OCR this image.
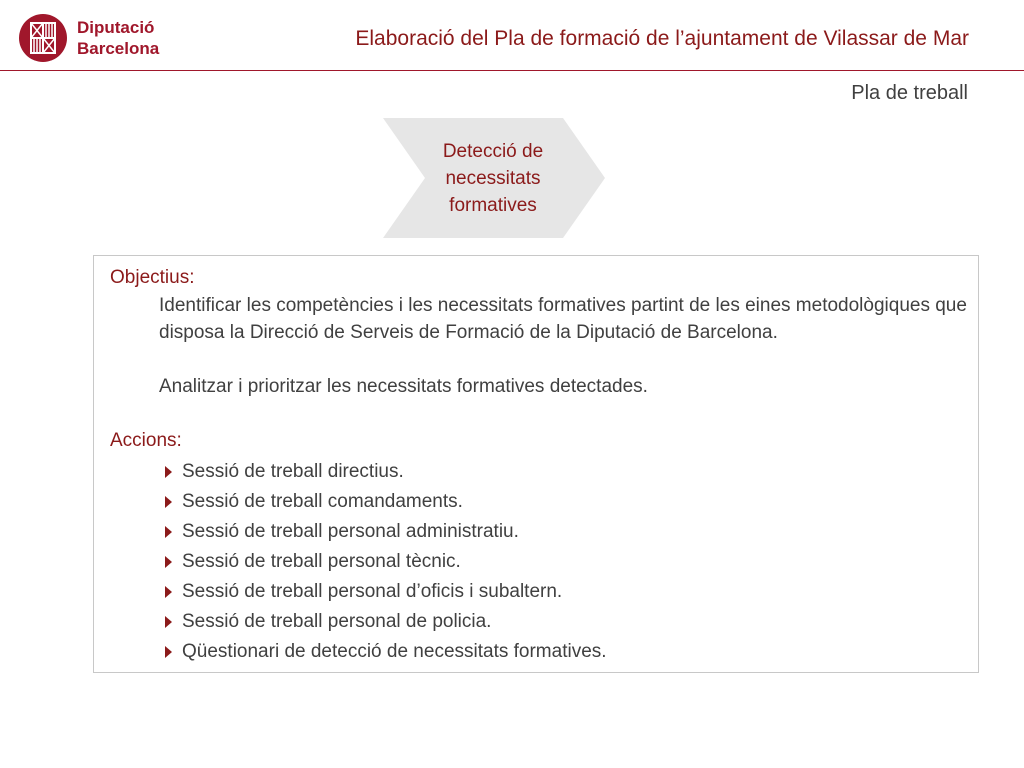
Diputació
Barcelona	Elaboració del Pla de formació de l’ajuntament de Vilassar de Mar
Pla de treball
Detecció de
necessitats
formatives
Objectius:
Identificar les competències i les necessitats formatives partint de les eines metodològiques que disposa la Direcció de Serveis de Formació de la Diputació de Barcelona.
Analitzar i prioritzar les necessitats formatives detectades.
Accions:
Sessió de treball directius.
Sessió de treball comandaments.
Sessió de treball personal administratiu.
Sessió de treball personal tècnic.
Sessió de treball personal d’oficis i subaltern.
Sessió de treball personal de policia.
Qüestionari de detecció de necessitats formatives.
